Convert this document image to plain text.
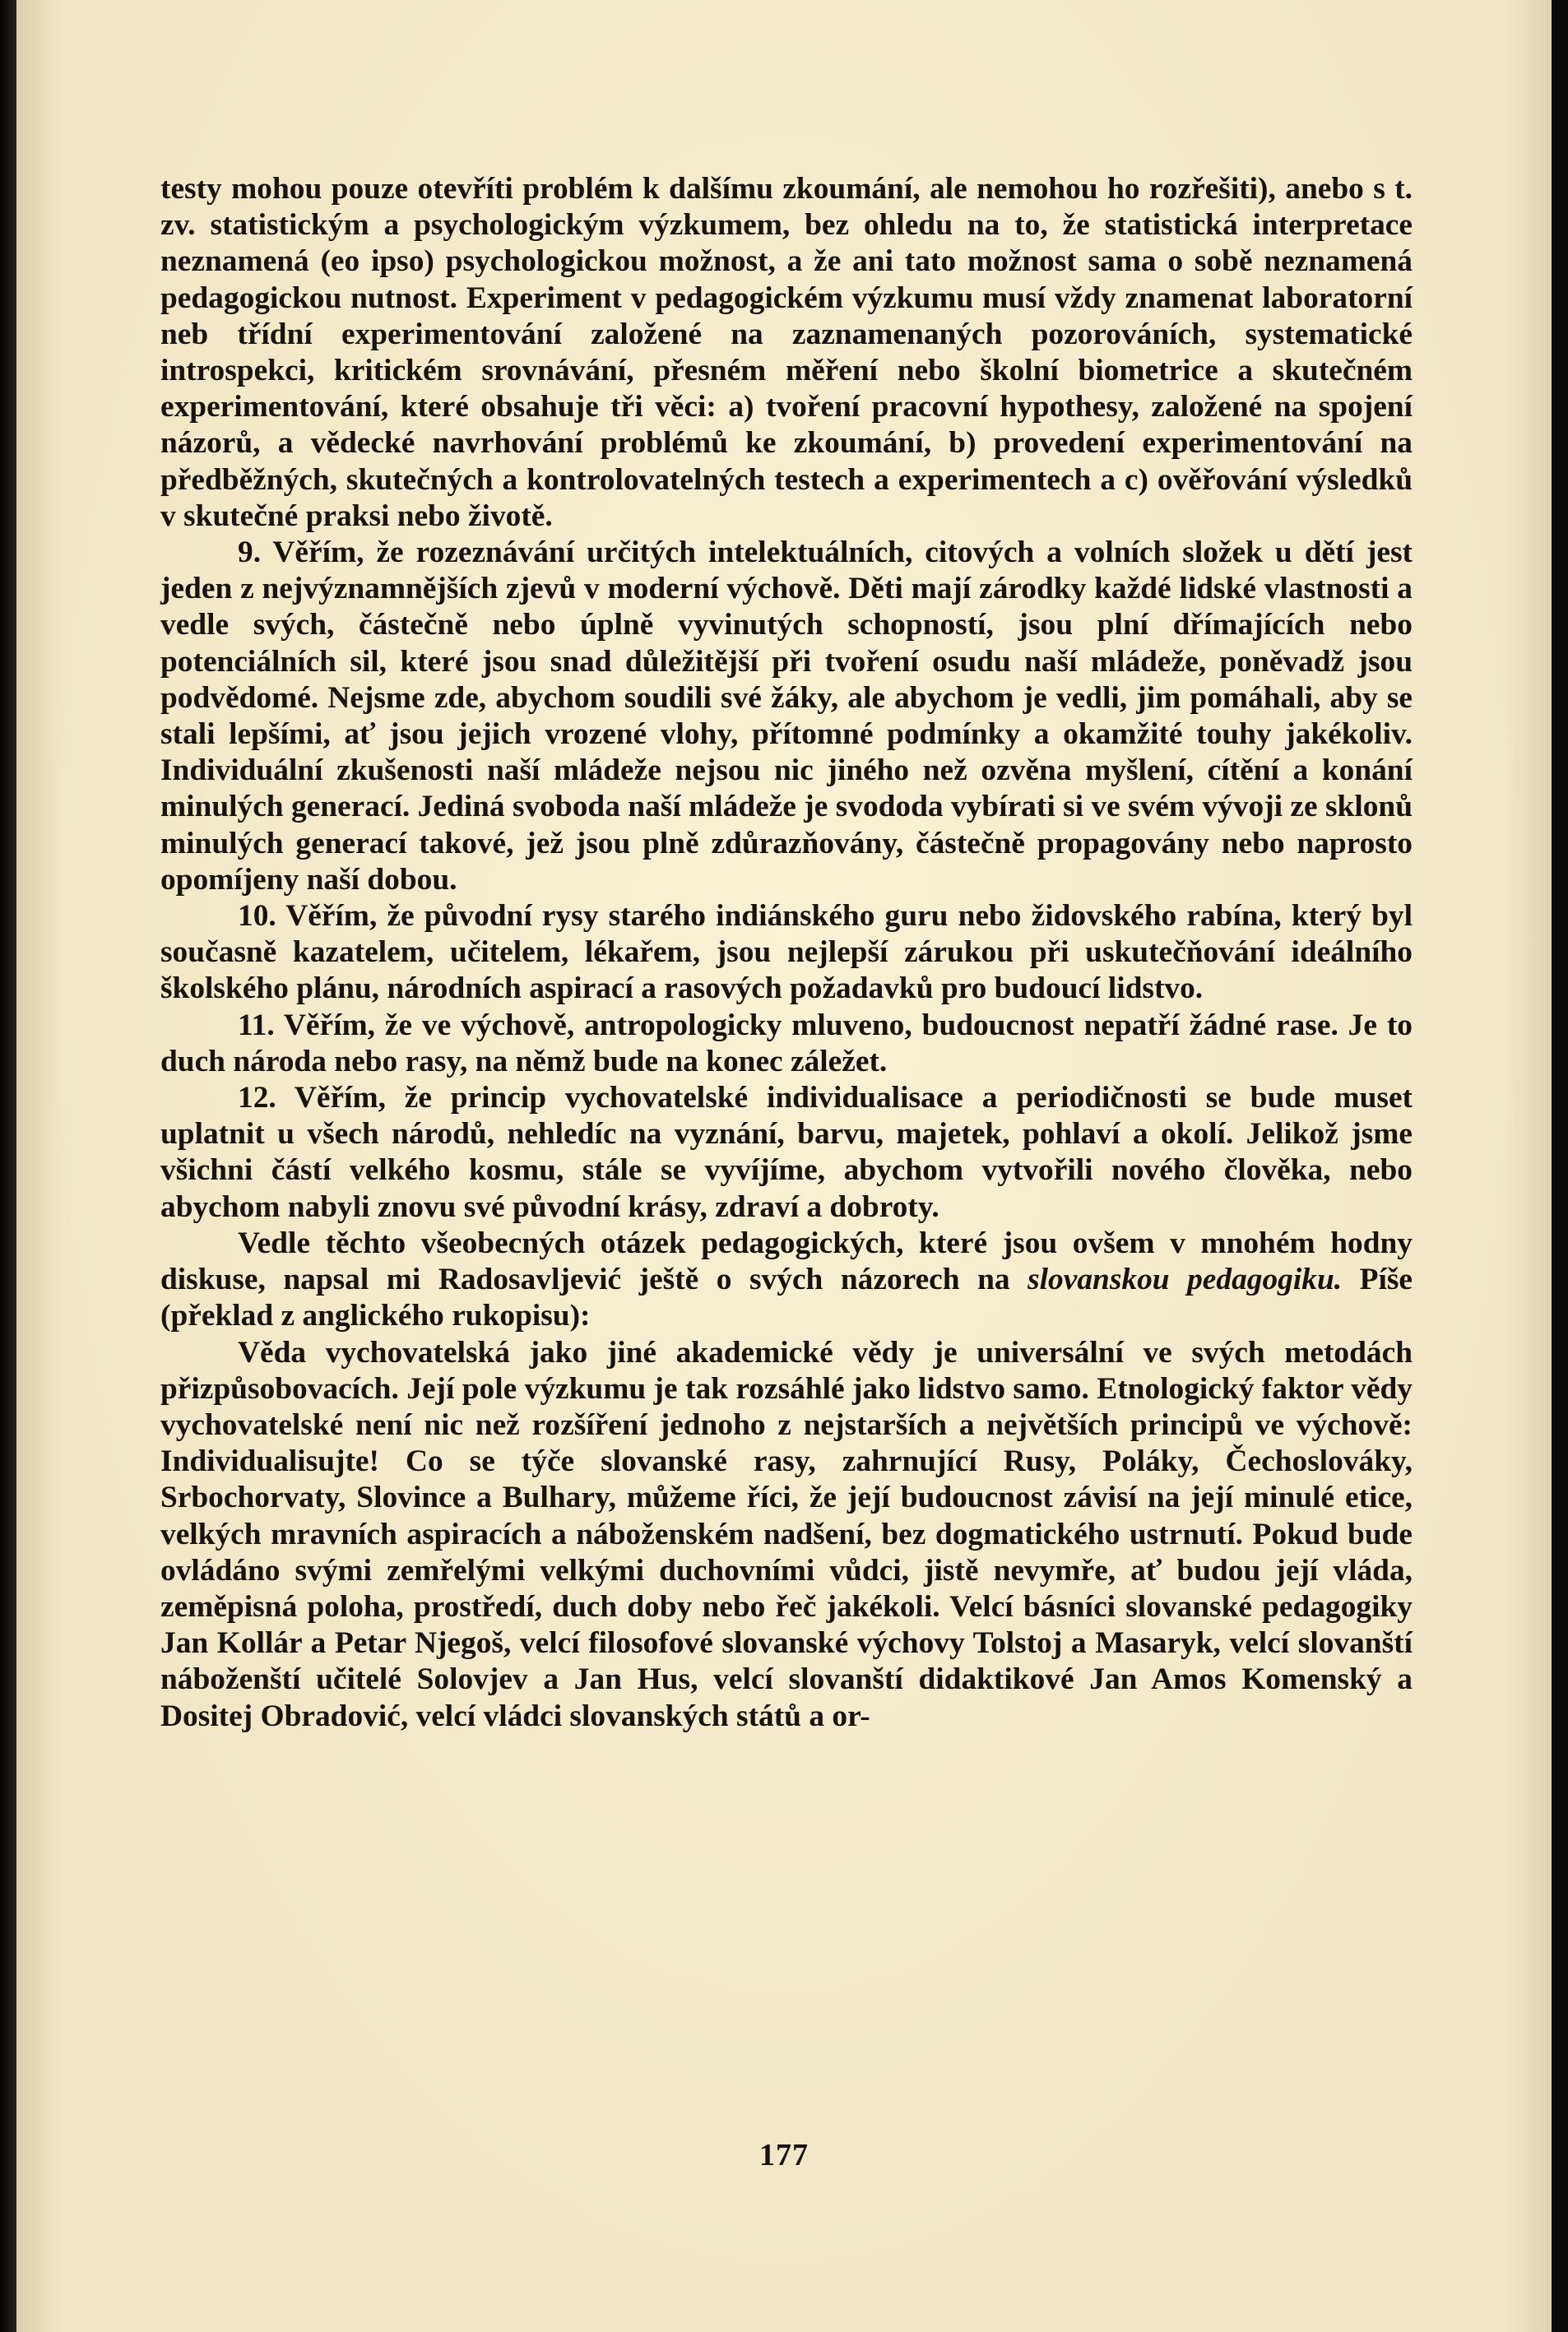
testy mohou pouze otevříti problém k dalšímu zkoumání, ale nemohou ho rozřešiti), anebo s t. zv. statistickým a psychologickým výzkumem, bez ohledu na to, že statistická interpretace neznamená (eo ipso) psychologickou možnost, a že ani tato možnost sama o sobě neznamená pedagogickou nutnost. Experiment v pedagogickém výzkumu musí vždy znamenat laboratorní neb třídní experimentování založené na zaznamenaných pozorováních, systematické introspekci, kritickém srovnávání, přesném měření nebo školní biometrice a skutečném experimentování, které obsahuje tři věci: a) tvoření pracovní hypothesy, založené na spojení názorů, a vědecké navrhování problémů ke zkoumání, b) provedení experimentování na předběžných, skutečných a kontrolovatelných testech a experimentech a c) ověřování výsledků v skutečné praksi nebo životě.

9. Věřím, že rozeznávání určitých intelektuálních, citových a volních složek u dětí jest jeden z nejvýznamnějších zjevů v moderní výchově. Děti mají zárodky každé lidské vlastnosti a vedle svých, částečně nebo úplně vyvinutých schopností, jsou plní dřímajících nebo potenciálních sil, které jsou snad důležitější při tvoření osudu naší mládeže, poněvadž jsou podvědomé. Nejsme zde, abychom soudili své žáky, ale abychom je vedli, jim pomáhali, aby se stali lepšími, ať jsou jejich vrozené vlohy, přítomné podmínky a okamžité touhy jakékoliv. Individuální zkušenosti naší mládeže nejsou nic jiného než ozvěna myšlení, cítění a konání minulých generací. Jediná svoboda naší mládeže je svododa vybírati si ve svém vývoji ze sklonů minulých generací takové, jež jsou plně zdůrazňovány, částečně propagovány nebo naprosto opomíjeny naší dobou.

10. Věřím, že původní rysy starého indiánského guru nebo židovského rabína, který byl současně kazatelem, učitelem, lékařem, jsou nejlepší zárukou při uskutečňování ideálního školského plánu, národních aspirací a rasových požadavků pro budoucí lidstvo.

11. Věřím, že ve výchově, antropologicky mluveno, budoucnost nepatří žádné rase. Je to duch národa nebo rasy, na němž bude na konec záležet.

12. Věřím, že princip vychovatelské individualisace a periodičnosti se bude muset uplatnit u všech národů, nehledíc na vyznání, barvu, majetek, pohlaví a okolí. Jelikož jsme všichni částí velkého kosmu, stále se vyvíjíme, abychom vytvořili nového člověka, nebo abychom nabyli znovu své původní krásy, zdraví a dobroty.

Vedle těchto všeobecných otázek pedagogických, které jsou ovšem v mnohém hodny diskuse, napsal mi Radosavljević ještě o svých názorech na slovanskou pedagogiku. Píše (překlad z anglického rukopisu):

Věda vychovatelská jako jiné akademické vědy je universální ve svých metodách přizpůsobovacích. Její pole výzkumu je tak rozsáhlé jako lidstvo samo. Etnologický faktor vědy vychovatelské není nic než rozšíření jednoho z nejstarších a největších principů ve výchově: Individualisujte! Co se týče slovanské rasy, zahrnující Rusy, Poláky, Čechoslováky, Srbochorvaty, Slovince a Bulhary, můžeme říci, že její budoucnost závisí na její minulé etice, velkých mravních aspiracích a náboženském nadšení, bez dogmatického ustrnutí. Pokud bude ovládáno svými zemřelými velkými duchovními vůdci, jistě nevymře, ať budou její vláda, zeměpisná poloha, prostředí, duch doby nebo řeč jakékoli. Velcí básníci slovanské pedagogiky Jan Kollár a Petar Njegoš, velcí filosofové slovanské výchovy Tolstoj a Masaryk, velcí slovanští náboženští učitelé Solovjev a Jan Hus, velcí slovanští didaktikové Jan Amos Komenský a Dositej Obradović, velcí vládci slovanských států a or-

177
